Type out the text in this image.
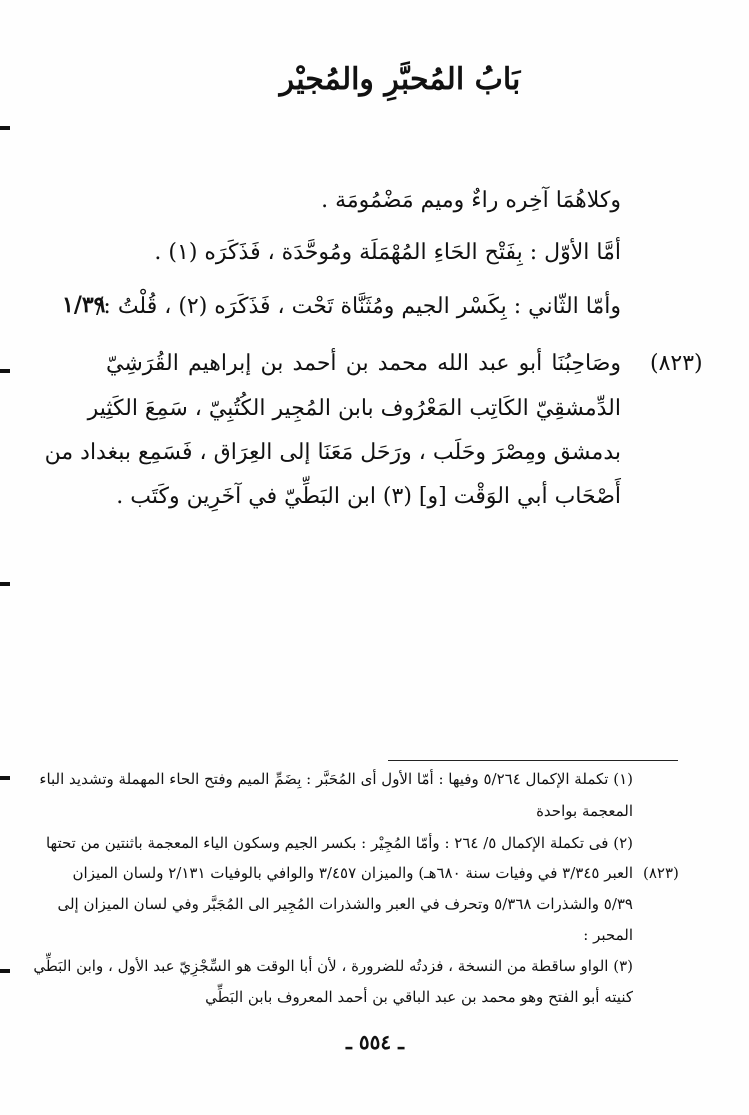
بَابُ المُحبَّرِ والمُجيْر
وكلاهُمَا آخِره راءٌ وميم مَضْمُومَة .
أمَّا الأوّل : بِفَتْح الحَاءِ المُهْمَلَة ومُوحَّدَة ، فَذَكَرَه (١) .
وأمّا الثّاني : بِكَسْر الجيم ومُثَنَّاة تَحْت ، فَذَكَرَه (٢) ، قُلْتُ :/
١/٣٩
(٨٢٣)
وصَاحِبُنَا أبو عبد الله محمد بن أحمد بن إبراهيم القُرَشِيّ
الدِّمشقِيّ الكَاتِب المَعْرُوف بابن المُجِير الكُتُبِيّ ، سَمِعَ الكَثِير
بدمشق ومِصْرَ وحَلَب ، ورَحَل مَعَنَا إلى العِرَاق ، فَسَمِع ببغداد من
أَصْحَاب أبي الوَقْت [و] (٣) ابن البَطِّيّ في آخَرِين وكَتَب .
(١) تكملة الإكمال ٥/٢٦٤ وفيها : أمّا الأول أى المُحَبَّر : بِضَمِّ الميم وفتح الحاء المهملة وتشديد الباء
المعجمة بواحدة
(٢) فى تكملة الإكمال ٥/ ٢٦٤ : وأمّا المُجِيْر : بكسر الجيم وسكون الياء المعجمة باثنتين من تحتها
(٨٢٣)
العبر ٣/٣٤٥ في وفيات سنة ٦٨٠هـ) والميزان ٣/٤٥٧ والوافي بالوفيات ٢/١٣١ ولسان الميزان
٥/٣٩ والشذرات ٥/٣٦٨ وتحرف في العبر والشذرات المُجِير الى المُجَبَّر وفي لسان الميزان إلى
المحبر :
(٣) الواو ساقطة من النسخة ، فزدتُه للضرورة ، لأن أبا الوقت هو السِّجْزِيّ عبد الأول ، وابن البَطِّي
كنيته أبو الفتح وهو محمد بن عبد الباقي بن أحمد المعروف بابن البَطِّي
ـ ٥٥٤ ـ
